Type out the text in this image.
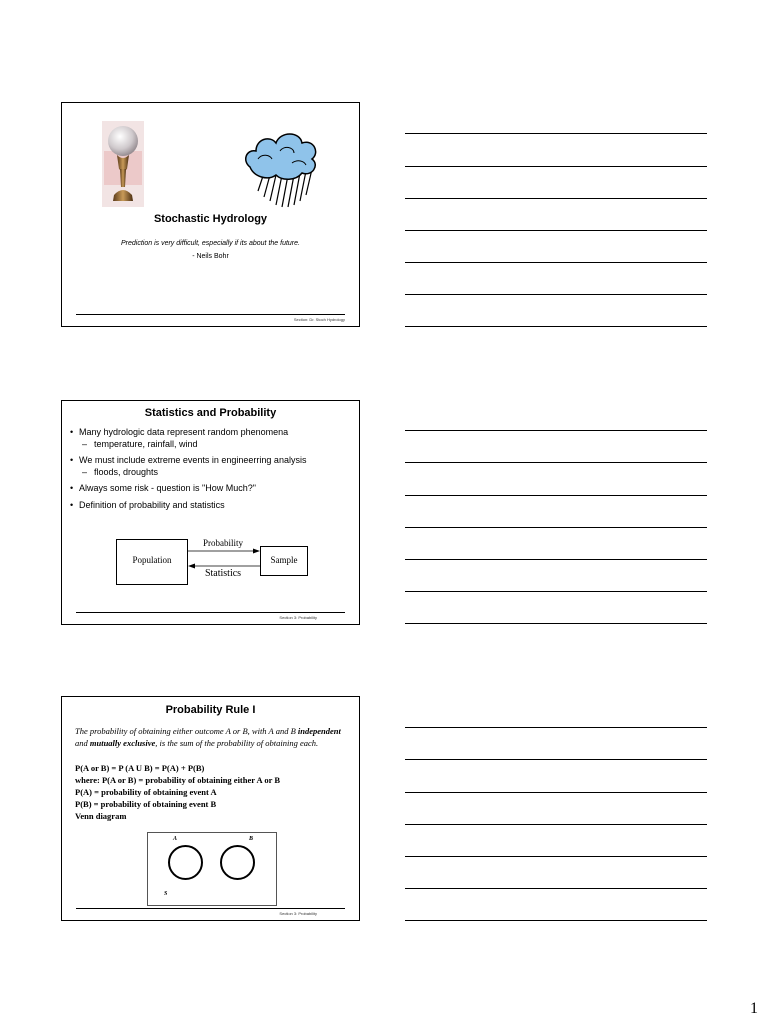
Stochastic Hydrology
Prediction is very difficult, especially if its about the future.
- Neils Bohr
Section: Dr. Stoch Hydrology
Statistics and Probability
• Many hydrologic data represent random phenomena
– temperature, rainfall, wind
• We must include extreme events in engineerring analysis
– floods, droughts
• Always some risk - question is "How Much?"
• Definition of probability and statistics
Population	Sample
Probability
Statistics
Section 3: Probability
Probability Rule I
The probability of obtaining either outcome A or B, with A and B independent and mutually exclusive, is the sum of the probability of obtaining each.
P(A or B) = P (A U B) = P(A) + P(B)
where: P(A or B) = probability of obtaining either A or B
P(A) = probability of obtaining event A
P(B) = probability of obtaining event B
Venn diagram
A	B
S
Section 3: Probability
1
